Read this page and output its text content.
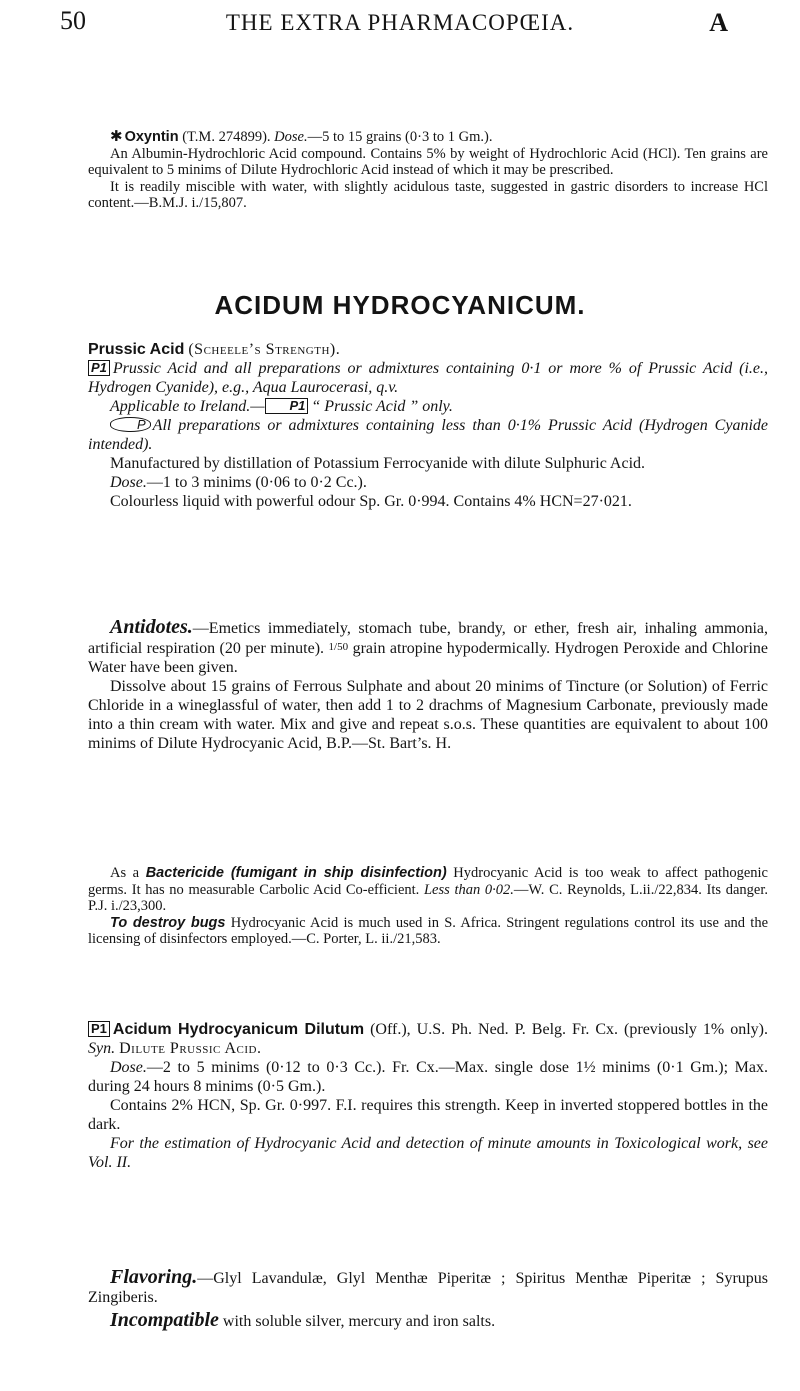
50	THE EXTRA PHARMACOPŒIA.	A

✱ Oxyntin (T.M. 274899). Dose.—5 to 15 grains (0·3 to 1 Gm.).

An Albumin-Hydrochloric Acid compound. Contains 5% by weight of Hydrochloric Acid (HCl). Ten grains are equivalent to 5 minims of Dilute Hydrochloric Acid instead of which it may be prescribed.

It is readily miscible with water, with slightly acidulous taste, suggested in gastric disorders to increase HCl content.—B.M.J. i./15,807.

ACIDUM HYDROCYANICUM.

Prussic Acid (Scheele’s Strength).

P1 Prussic Acid and all preparations or admixtures containing 0·1 or more % of Prussic Acid (i.e., Hydrogen Cyanide), e.g., Aqua Laurocerasi, q.v.

Applicable to Ireland.— P1 “ Prussic Acid ” only.

P All preparations or admixtures containing less than 0·1% Prussic Acid (Hydrogen Cyanide intended).

Manufactured by distillation of Potassium Ferrocyanide with dilute Sulphuric Acid.

Dose.—1 to 3 minims (0·06 to 0·2 Cc.).

Colourless liquid with powerful odour Sp. Gr. 0·994. Contains 4% HCN=27·021.

Antidotes.—Emetics immediately, stomach tube, brandy, or ether, fresh air, inhaling ammonia, artificial respiration (20 per minute). 1/50 grain atropine hypodermically. Hydrogen Peroxide and Chlorine Water have been given.

Dissolve about 15 grains of Ferrous Sulphate and about 20 minims of Tincture (or Solution) of Ferric Chloride in a wineglassful of water, then add 1 to 2 drachms of Magnesium Carbonate, previously made into a thin cream with water. Mix and give and repeat s.o.s. These quantities are equivalent to about 100 minims of Dilute Hydrocyanic Acid, B.P.—St. Bart’s. H.

As a Bactericide (fumigant in ship disinfection) Hydrocyanic Acid is too weak to affect pathogenic germs. It has no measurable Carbolic Acid Co-efficient. Less than 0·02.—W. C. Reynolds, L.ii./22,834. Its danger. P.J. i./23,300.

To destroy bugs Hydrocyanic Acid is much used in S. Africa. Stringent regulations control its use and the licensing of disinfectors employed.—C. Porter, L. ii./21,583.

P1 Acidum Hydrocyanicum Dilutum (Off.), U.S. Ph. Ned. P. Belg. Fr. Cx. (previously 1% only). Syn. Dilute Prussic Acid.

Dose.—2 to 5 minims (0·12 to 0·3 Cc.). Fr. Cx.—Max. single dose 1½ minims (0·1 Gm.); Max. during 24 hours 8 minims (0·5 Gm.).

Contains 2% HCN, Sp. Gr. 0·997. F.I. requires this strength. Keep in inverted stoppered bottles in the dark.

For the estimation of Hydrocyanic Acid and detection of minute amounts in Toxicological work, see Vol. II.

Flavoring.—Glyl Lavandulæ, Glyl Menthæ Piperitæ ; Spiritus Menthæ Piperitæ ; Syrupus Zingiberis.

Incompatible with soluble silver, mercury and iron salts.
